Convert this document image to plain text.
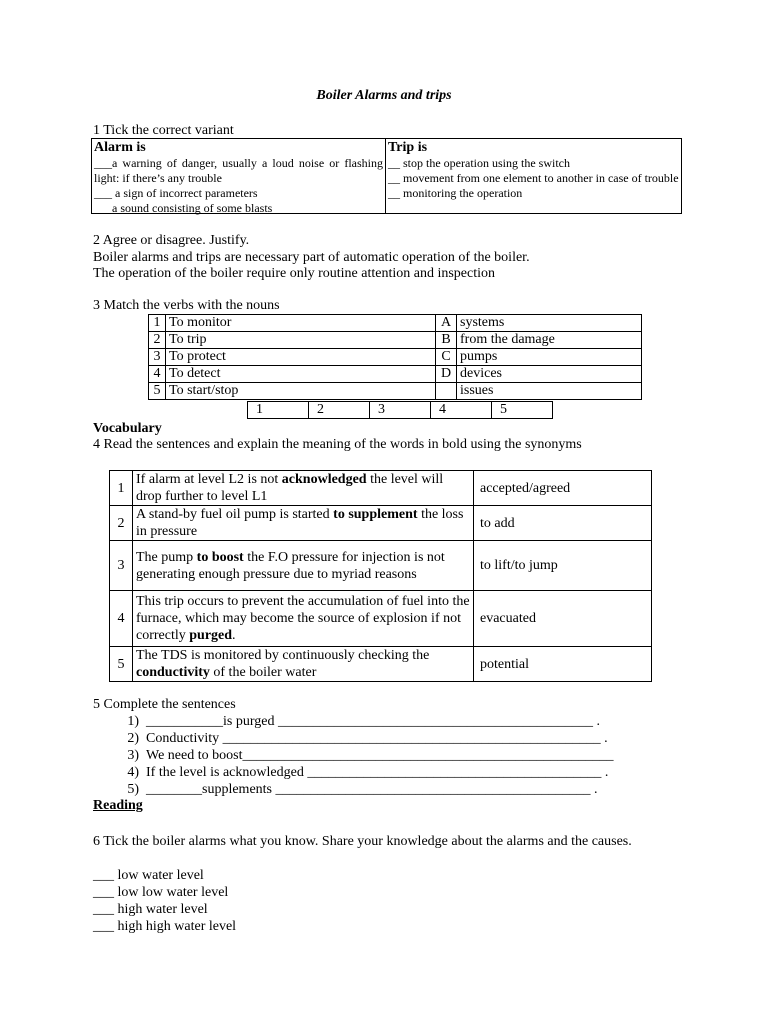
Boiler Alarms and trips
1 Tick the correct variant
Alarm is
___a warning of danger, usually a loud noise or flashing light: if there’s any trouble
___ a sign of incorrect parameters
___a sound consisting of some blasts
Trip is
__ stop the operation using the switch
__ movement from one element to another in case of trouble
__ monitoring the operation
2 Agree or disagree. Justify.
Boiler alarms and trips are necessary part of automatic operation of the boiler.
The operation of the boiler require only routine attention and inspection
3 Match the verbs with the nouns
1	To monitor	A	systems
2	To trip	B	from the damage
3	To protect	C	pumps
4	To detect	D	devices
5	To start/stop		issues
1	2	3	4	5
Vocabulary
4 Read the sentences and explain the meaning of the words in bold using the synonyms
1	If alarm at level L2 is not acknowledged the level will drop further to level L1	accepted/agreed
2	A stand-by fuel oil pump is started to supplement the loss in pressure	to add
3	The pump to boost the F.O pressure for injection is not generating enough pressure due to myriad reasons	to lift/to jump
4	This trip occurs to prevent the accumulation of fuel into the furnace, which may become the source of explosion if not correctly purged.	evacuated
5	The TDS is monitored by continuously checking the conductivity of the boiler water	potential
5 Complete the sentences
1) ___________is purged _____________________________________________ .
2) Conductivity ______________________________________________________ .
3) We need to boost_____________________________________________________
4) If the level is acknowledged __________________________________________ .
5) ________supplements _____________________________________________ .
Reading
6 Tick the boiler alarms what you know. Share your knowledge about the alarms and the causes.
___ low water level
___ low low water level
___ high water level
___ high high water level
